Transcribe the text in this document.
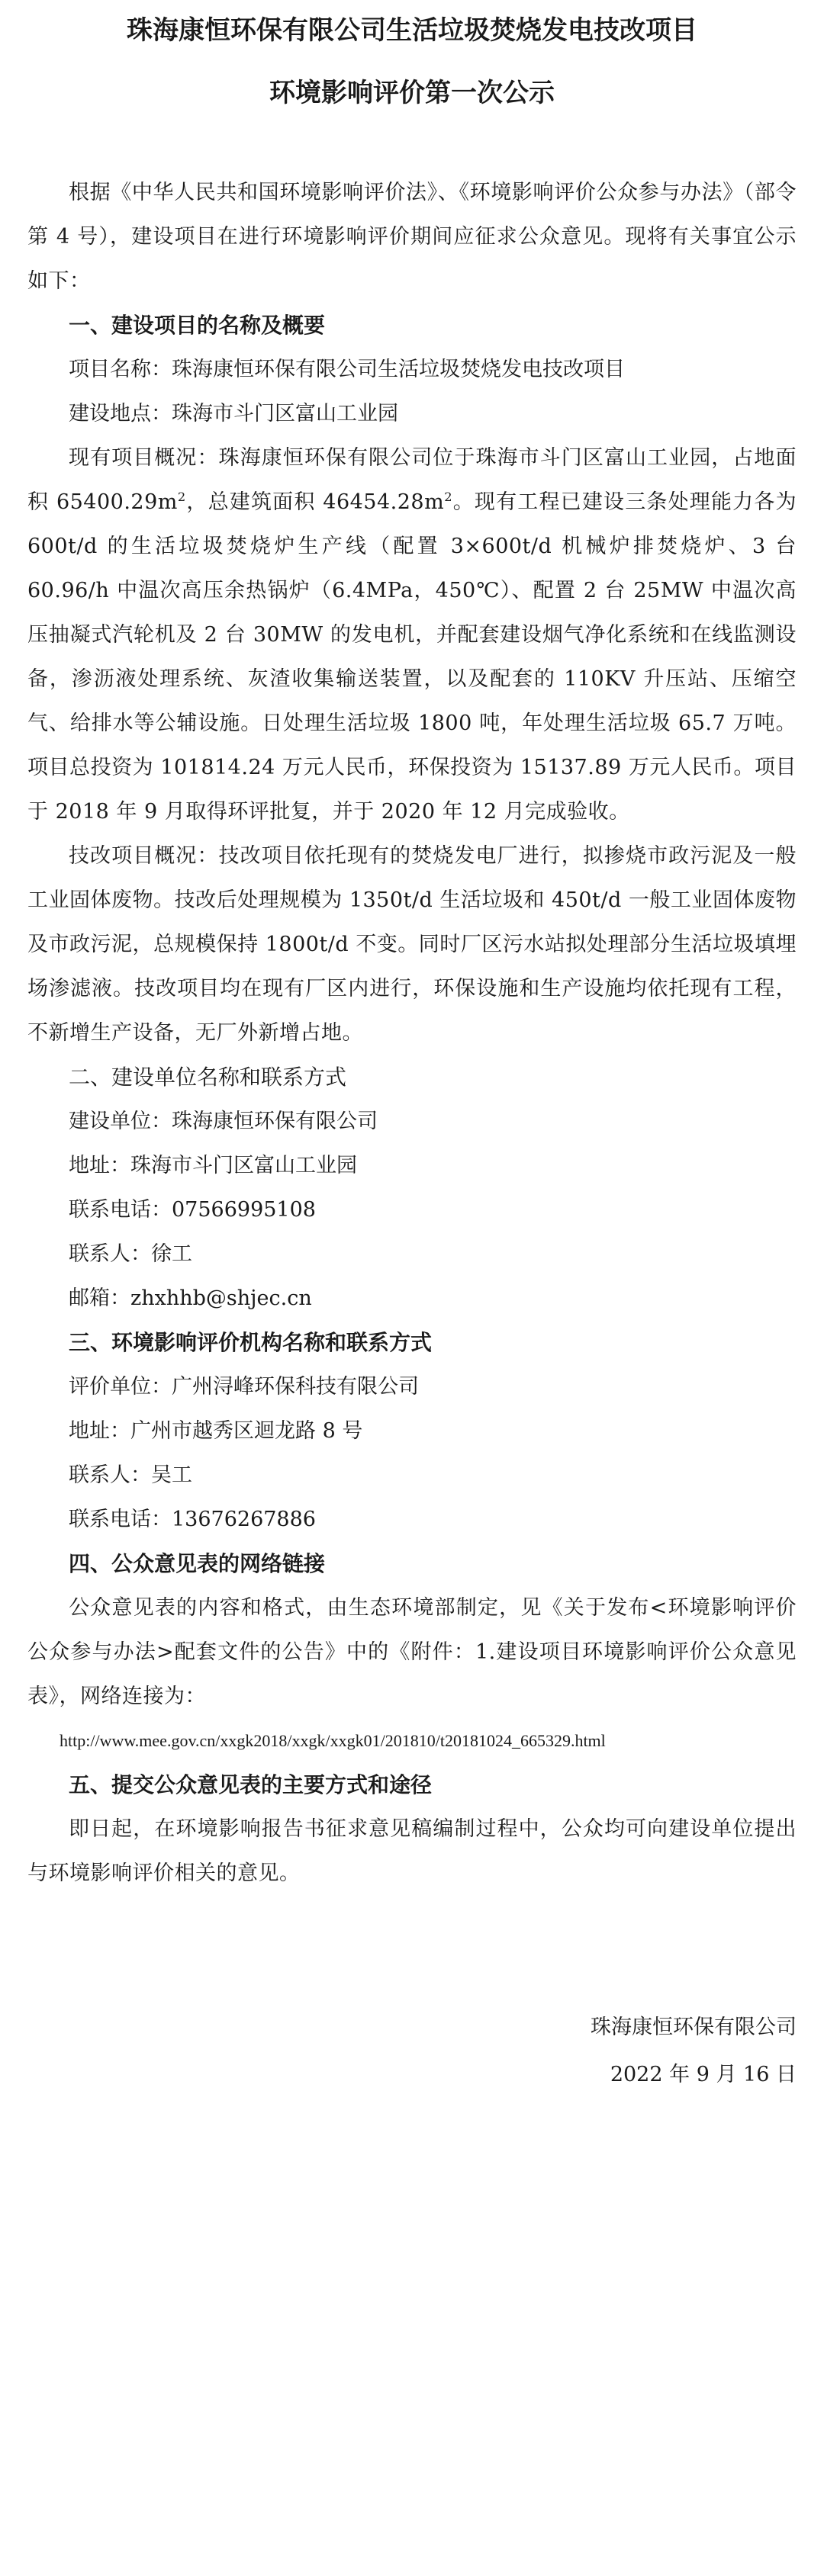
珠海康恒环保有限公司生活垃圾焚烧发电技改项目
环境影响评价第一次公示

根据《中华人民共和国环境影响评价法》、《环境影响评价公众参与办法》（部令第 4 号），建设项目在进行环境影响评价期间应征求公众意见。现将有关事宜公示如下：

一、建设项目的名称及概要

项目名称：珠海康恒环保有限公司生活垃圾焚烧发电技改项目

建设地点：珠海市斗门区富山工业园

现有项目概况：珠海康恒环保有限公司位于珠海市斗门区富山工业园，占地面积 $65400.29m^2$，总建筑面积 $46454.28m^2$。现有工程已建设三条处理能力各为 600t/d 的生活垃圾焚烧炉生产线（配置 3×600t/d 机械炉排焚烧炉、3 台 60.96/h 中温次高压余热锅炉（6.4MPa，450℃）、配置 2 台 25MW 中温次高压抽凝式汽轮机及 2 台 30MW 的发电机，并配套建设烟气净化系统和在线监测设备，渗沥液处理系统、灰渣收集输送装置，以及配套的 110KV 升压站、压缩空气、给排水等公辅设施。日处理生活垃圾 1800 吨，年处理生活垃圾 65.7 万吨。项目总投资为 101814.24 万元人民币，环保投资为 15137.89 万元人民币。项目于 2018 年 9 月取得环评批复，并于 2020 年 12 月完成验收。

技改项目概况：技改项目依托现有的焚烧发电厂进行，拟掺烧市政污泥及一般工业固体废物。技改后处理规模为 1350t/d 生活垃圾和 450t/d 一般工业固体废物及市政污泥，总规模保持 1800t/d 不变。同时厂区污水站拟处理部分生活垃圾填埋场渗滤液。技改项目均在现有厂区内进行，环保设施和生产设施均依托现有工程，不新增生产设备，无厂外新增占地。

二、建设单位名称和联系方式

建设单位：珠海康恒环保有限公司

地址：珠海市斗门区富山工业园

联系电话：07566995108

联系人：徐工

邮箱：zhxhhb@shjec.cn

三、环境影响评价机构名称和联系方式

评价单位：广州浔峰环保科技有限公司

地址：广州市越秀区迴龙路 8 号

联系人：吴工

联系电话：13676267886

四、公众意见表的网络链接

公众意见表的内容和格式，由生态环境部制定，见《关于发布<环境影响评价公众参与办法>配套文件的公告》中的《附件：1.建设项目环境影响评价公众意见表》，网络连接为：

http://www.mee.gov.cn/xxgk2018/xxgk/xxgk01/201810/t20181024_665329.html

五、提交公众意见表的主要方式和途径

即日起，在环境影响报告书征求意见稿编制过程中，公众均可向建设单位提出与环境影响评价相关的意见。

珠海康恒环保有限公司

2022 年 9 月 16 日
